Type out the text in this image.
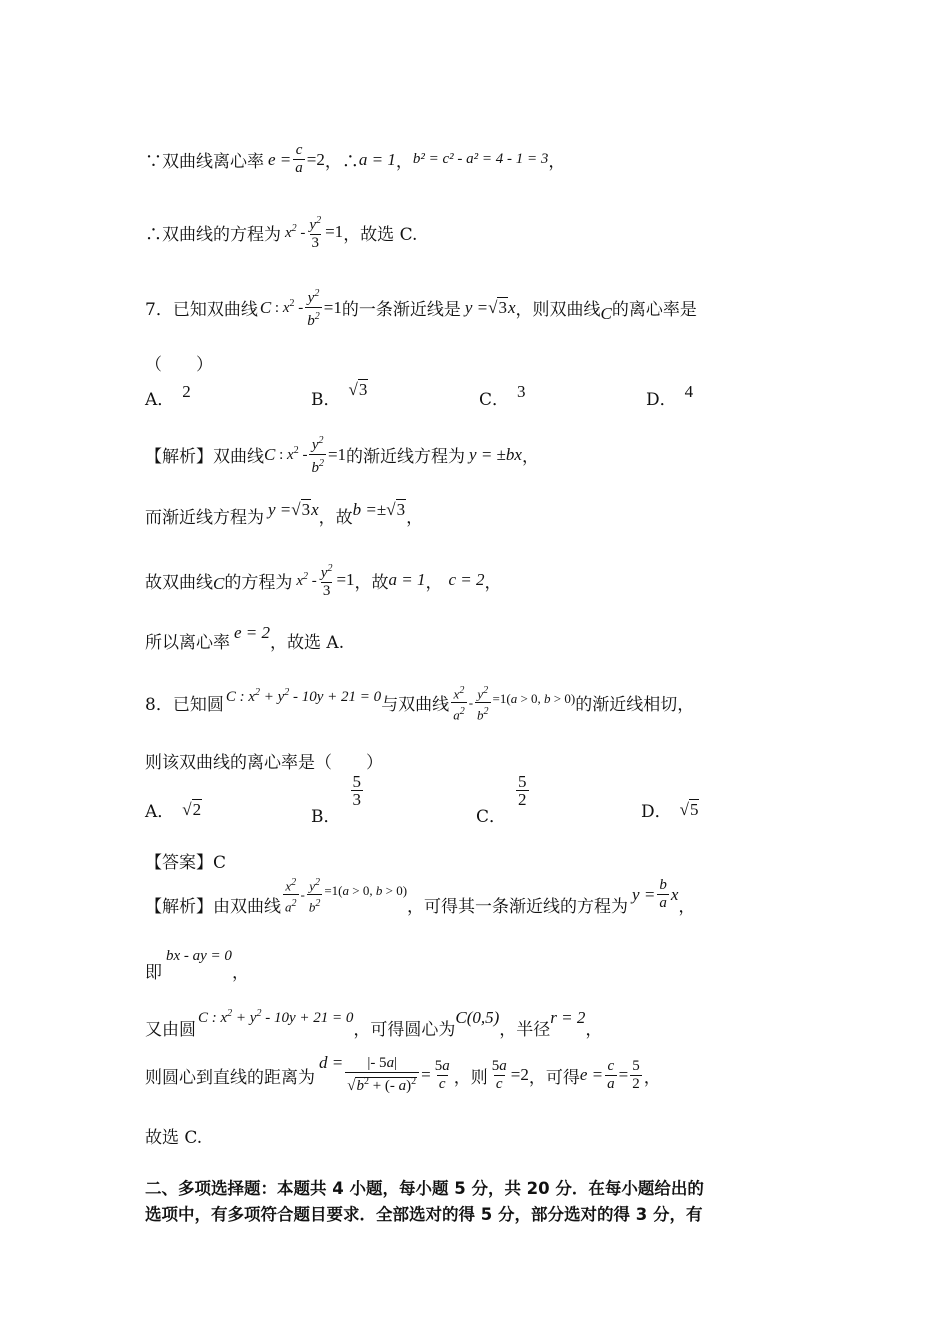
∵双曲线离心率 $e = \frac{c}{a} =2$ ，∴ a = 1 ， b² = c² - a² = 4 - 1 = 3 ，
∴双曲线的方程为 $x^2 - \frac{y^2}{3} =1$ ，故选 C.
7．已知双曲线 C : $x^2 - \frac{y^2}{b^2} =1$ 的一条渐近线是 y =√3x ，则双曲线 C 的离心率是
（　　）
A． 2	B．
√3
C． 3	D． 4
【解析】双曲线 C : $x^2 - \frac{y^2}{b^2} =1$ 的渐近线方程为 y = ±bx ，
而渐近线方程为 y =√3x ，故 b =±√3 ，
故双曲线 C 的方程为 $x^2 - \frac{y^2}{3} =1$ ，故 a = 1 ， c = 2 ，
所以离心率
e = 2
，故选 A.
8．已知圆 C : $x^2 + y^2 - 10y + 21 = 0$ 与双曲线 $\frac{x^2}{a^2} - \frac{y^2}{b^2} =1(a > 0$, b > 0) 的渐近线相切，
则该双曲线的离心率是（　　）
A． √2	B．
$\frac{5}{3}$
C．
$\frac{5}{2}$
D． √5
【答案】C
【解析】由双曲线 $\frac{x^2}{a^2} - \frac{y^2}{b^2} =1(a > 0$, b > 0)
，可得其一条渐近线的方程为
$y = \frac{b}{a}$ x
，
即
bx - ay = 0
，
又由圆
C : $x^2 + y^2 - 10y + 21 = 0$
，可得圆心为
C(0,5)
，半径
r = 2
，
则圆心到直线的距离为
$d = \frac{|- 5a|}{√b^2 + (- a)^2} = \frac{5a}{c}$ ，则 $\frac{5a}{c} =2$ ，可得 $e = \frac{c}{a} = \frac{5}{2}$ ，
故选 C.
二、多项选择题：本题共 4 小题，每小题 5 分，共 20 分．在每小题给出的
选项中，有多项符合题目要求．全部选对的得 5 分，部分选对的得 3 分，有
